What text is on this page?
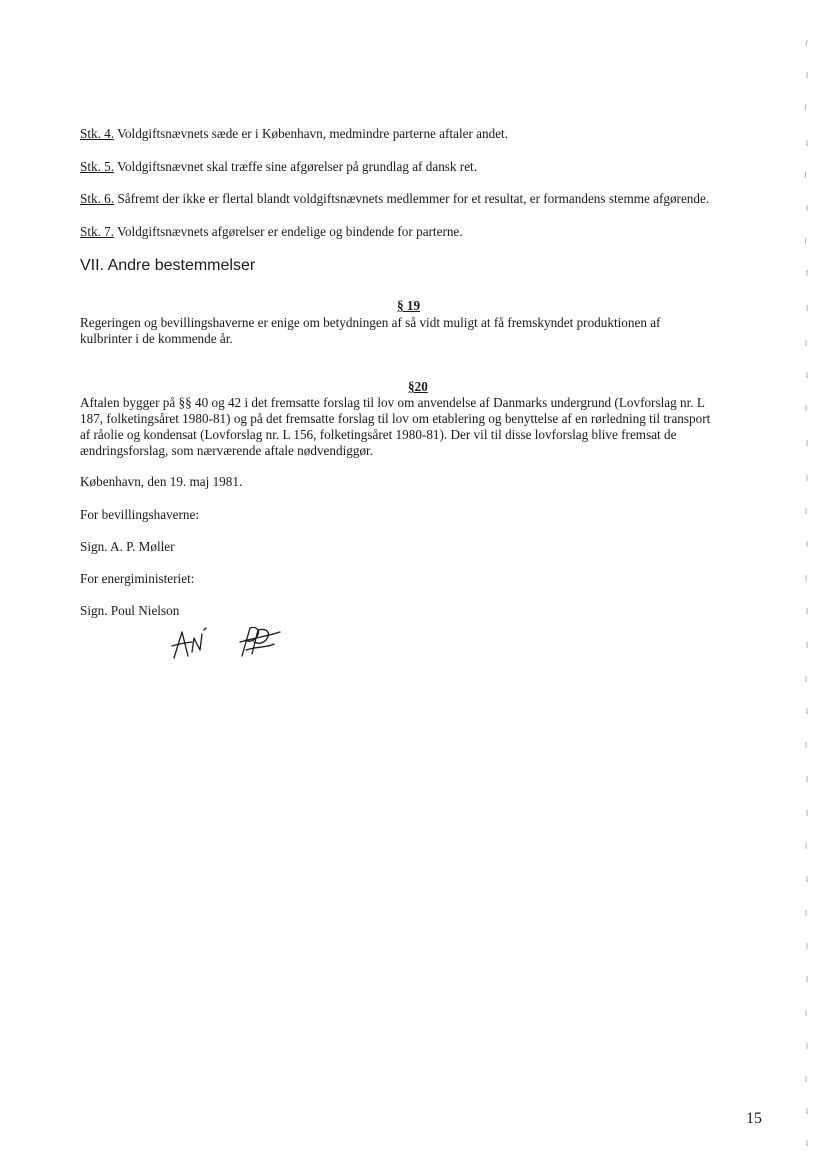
Stk. 4. Voldgiftsnævnets sæde er i København, medmindre parterne aftaler andet.
Stk. 5. Voldgiftsnævnet skal træffe sine afgørelser på grundlag af dansk ret.
Stk. 6. Såfremt der ikke er flertal blandt voldgiftsnævnets medlemmer for et resultat, er formandens stemme afgørende.
Stk. 7. Voldgiftsnævnets afgørelser er endelige og bindende for parterne.
VII. Andre bestemmelser
§ 19
Regeringen og bevillingshaverne er enige om betydningen af så vidt muligt at få fremskyndet produktionen af
kulbrinter i de kommende år.
§20
Aftalen bygger på §§ 40 og 42 i det fremsatte forslag til lov om anvendelse af Danmarks undergrund (Lovforslag nr. L
187, folketingsåret 1980-81) og på det fremsatte forslag til lov om etablering og benyttelse af en rørledning til transport
af råolie og kondensat (Lovforslag nr. L 156, folketingsåret 1980-81). Der vil til disse lovforslag blive fremsat de
ændringsforslag, som nærværende aftale nødvendiggør.
København, den 19. maj 1981.
For bevillingshaverne:
Sign. A. P. Møller
For energiministeriet:
Sign. Poul Nielson
15
